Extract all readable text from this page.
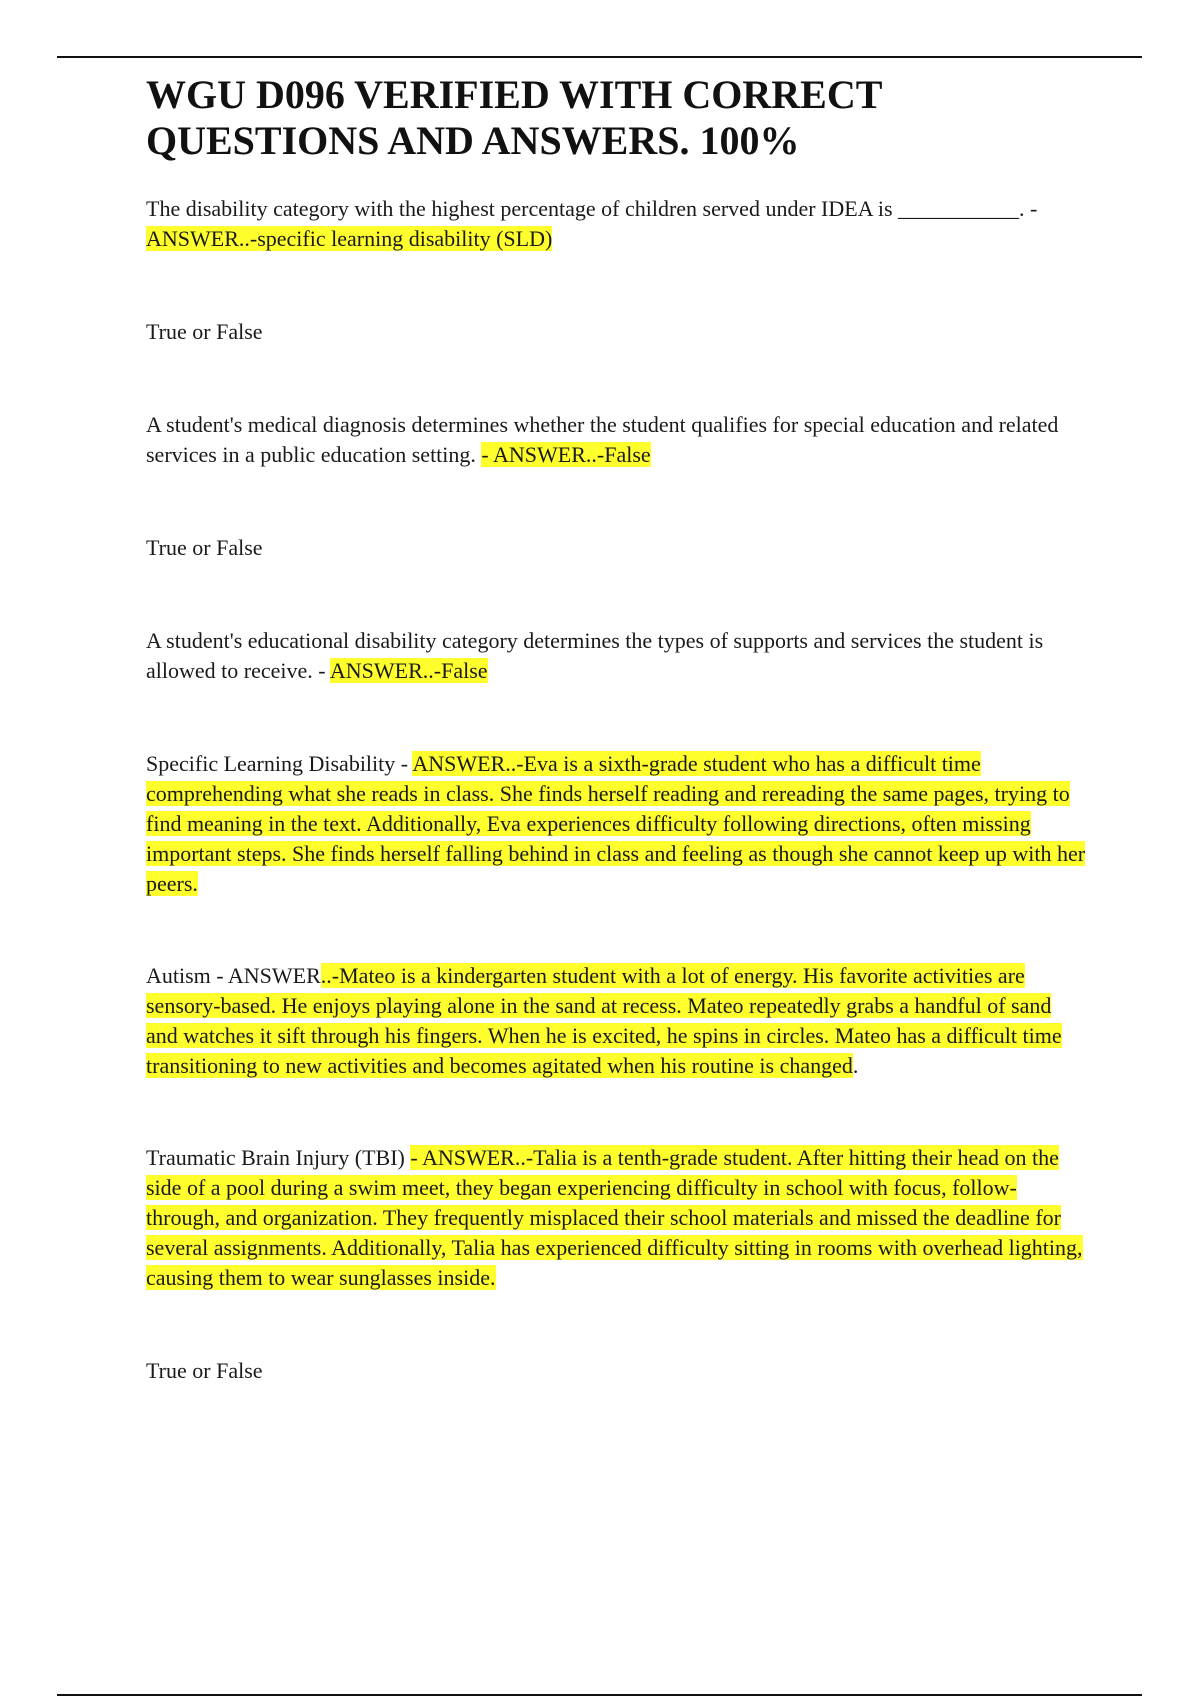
WGU D096 VERIFIED WITH CORRECT QUESTIONS AND ANSWERS. 100%

The disability category with the highest percentage of children served under IDEA is ___________. - ANSWER..-specific learning disability (SLD)

True or False

A student's medical diagnosis determines whether the student qualifies for special education and related services in a public education setting. - ANSWER..-False

True or False

A student's educational disability category determines the types of supports and services the student is allowed to receive. - ANSWER..-False

Specific Learning Disability - ANSWER..-Eva is a sixth-grade student who has a difficult time comprehending what she reads in class. She finds herself reading and rereading the same pages, trying to find meaning in the text. Additionally, Eva experiences difficulty following directions, often missing important steps. She finds herself falling behind in class and feeling as though she cannot keep up with her peers.

Autism - ANSWER..-Mateo is a kindergarten student with a lot of energy. His favorite activities are sensory-based. He enjoys playing alone in the sand at recess. Mateo repeatedly grabs a handful of sand and watches it sift through his fingers. When he is excited, he spins in circles. Mateo has a difficult time transitioning to new activities and becomes agitated when his routine is changed.

Traumatic Brain Injury (TBI) - ANSWER..-Talia is a tenth-grade student. After hitting their head on the side of a pool during a swim meet, they began experiencing difficulty in school with focus, follow-through, and organization. They frequently misplaced their school materials and missed the deadline for several assignments. Additionally, Talia has experienced difficulty sitting in rooms with overhead lighting, causing them to wear sunglasses inside.

True or False
